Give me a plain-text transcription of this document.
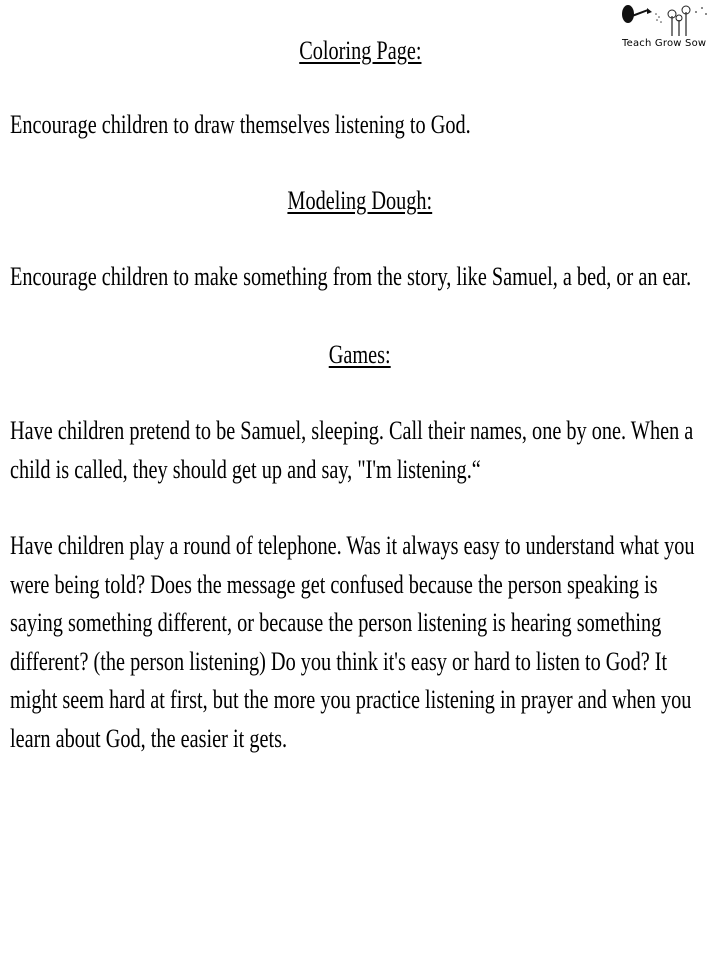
Teach Grow Sow
Coloring Page:
Encourage children to draw themselves listening to God.
Modeling Dough:
Encourage children to make something from the story, like Samuel, a bed, or an ear.
Games:
Have children pretend to be Samuel, sleeping. Call their names, one by one. When a child is called, they should get up and say, "I'm listening.“
Have children play a round of telephone. Was it always easy to understand what you were being told? Does the message get confused because the person speaking is saying something different, or because the person listening is hearing something different? (the person listening) Do you think it's easy or hard to listen to God? It might seem hard at first, but the more you practice listening in prayer and when you learn about God, the easier it gets.
